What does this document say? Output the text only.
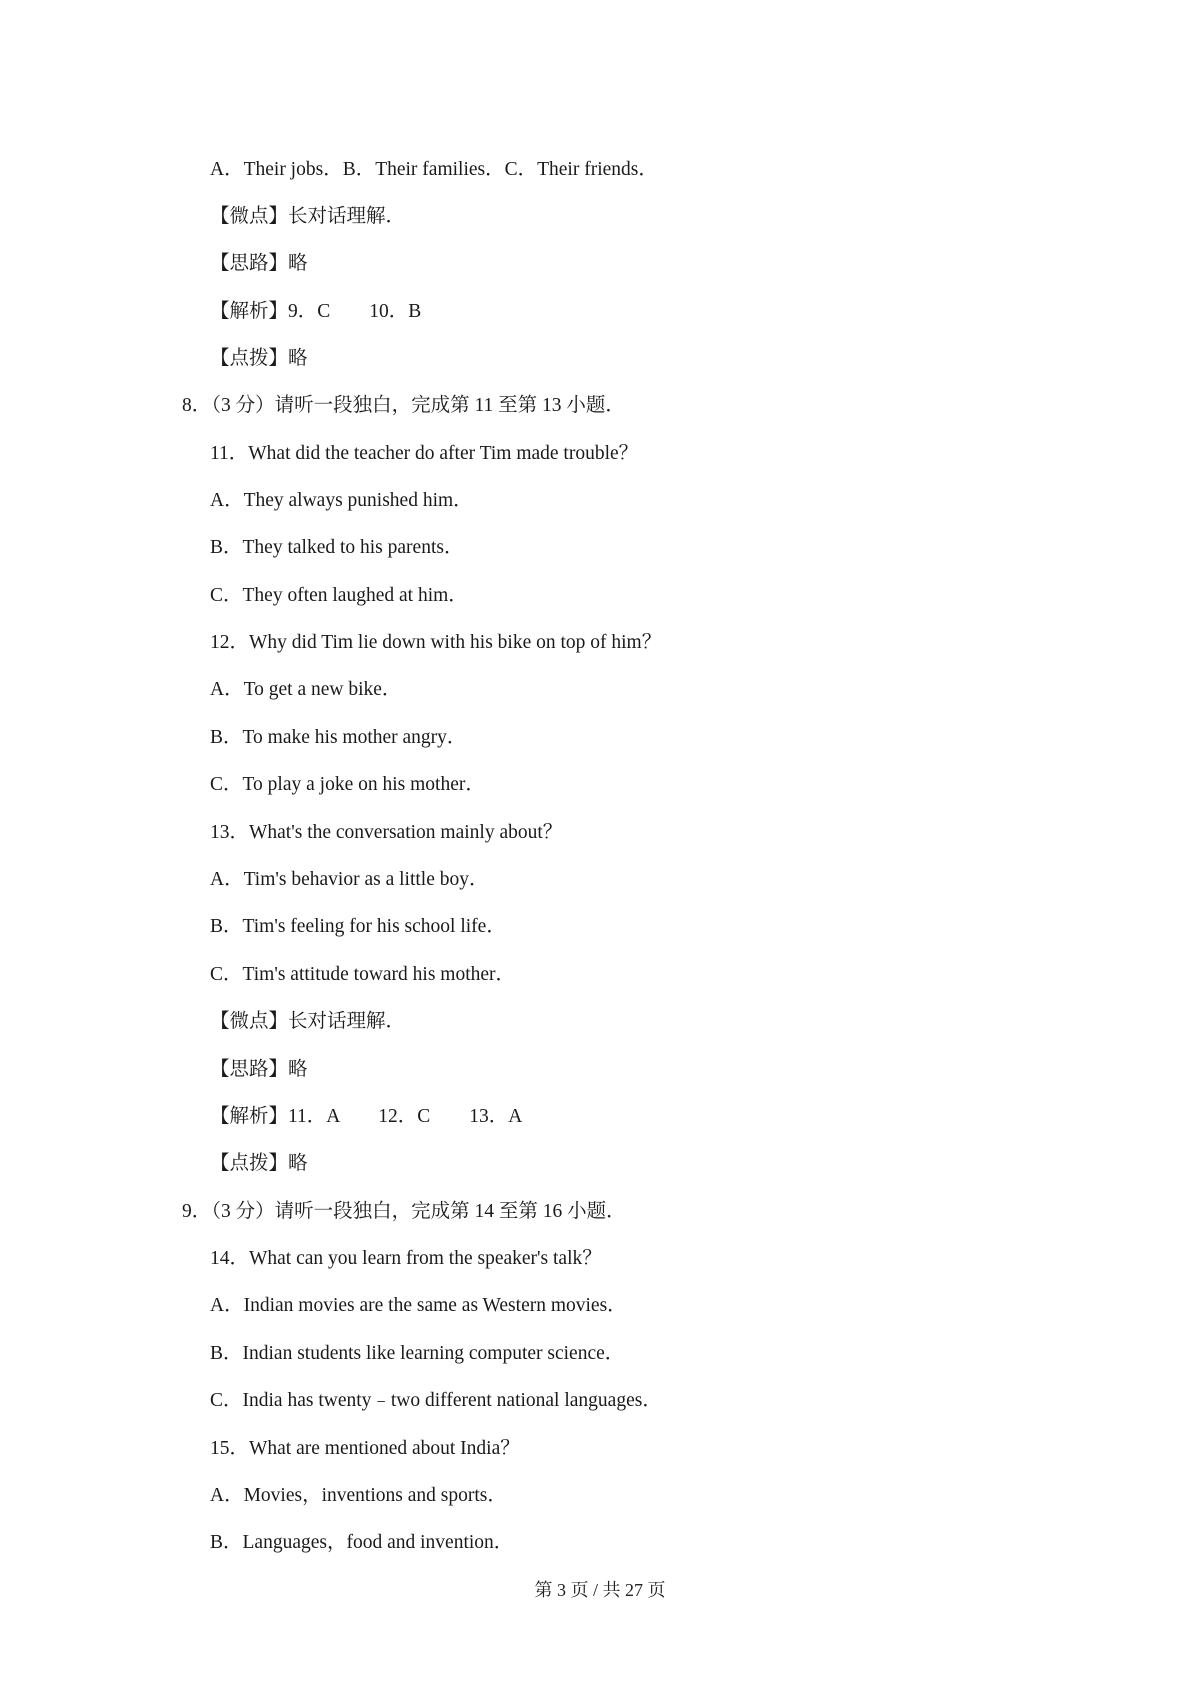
A．Their jobs．B．Their families．C．Their friends．
【微点】长对话理解．
【思路】略
【解析】9．C　　10．B
【点拨】略
8．（3 分）请听一段独白，完成第 11 至第 13 小题．
11．What did the teacher do after Tim made trouble？
A．They always punished him．
B．They talked to his parents．
C．They often laughed at him．
12．Why did Tim lie down with his bike on top of him？
A．To get a new bike．
B．To make his mother angry．
C．To play a joke on his mother．
13．What's the conversation mainly about？
A．Tim's behavior as a little boy．
B．Tim's feeling for his school life．
C．Tim's attitude toward his mother．
【微点】长对话理解．
【思路】略
【解析】11．A　　12．C　　13．A
【点拨】略
9．（3 分）请听一段独白，完成第 14 至第 16 小题．
14．What can you learn from the speaker's talk？
A．Indian movies are the same as Western movies．
B．Indian students like learning computer science．
C．India has twenty﹣two different national languages．
15．What are mentioned about India？
A．Movies，inventions and sports．
B．Languages，food and invention．
第 3 页 / 共 27 页
